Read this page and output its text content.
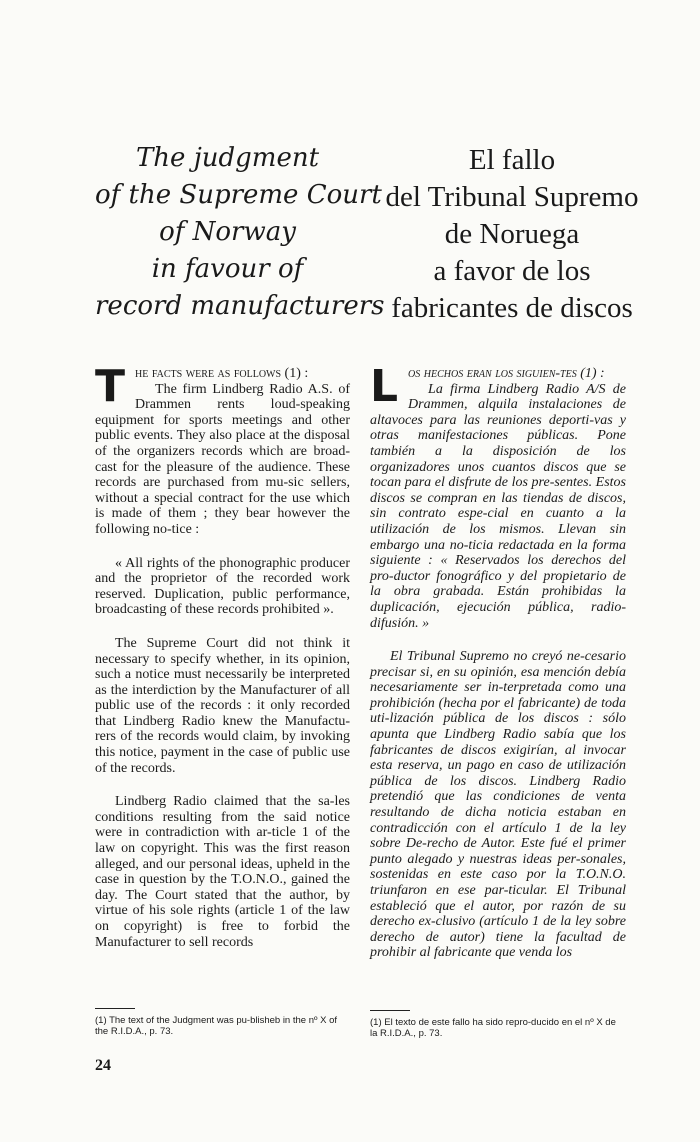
The judgment
of the Supreme Court
of Norway
in favour of
record manufacturers
El fallo
del Tribunal Supremo
de Noruega
a favor de los
fabricantes de discos

T he facts were as follows (1) :

The firm Lindberg Radio A.S. of Drammen rents loud-speaking equipment for sports meetings and other public events. They also place at the disposal of the organizers records which are broad-cast for the pleasure of the audience. These records are purchased from mu-sic sellers, without a special contract for the use which is made of them ; they bear however the following no-tice :

« All rights of the phonographic producer and the proprietor of the recorded work reserved. Duplication, public performance, broadcasting of these records prohibited ».

The Supreme Court did not think it necessary to specify whether, in its opinion, such a notice must necessarily be interpreted as the interdiction by the Manufacturer of all public use of the records : it only recorded that Lindberg Radio knew the Manufactu-rers of the records would claim, by invoking this notice, payment in the case of public use of the records.

Lindberg Radio claimed that the sa-les conditions resulting from the said notice were in contradiction with ar-ticle 1 of the law on copyright. This was the first reason alleged, and our personal ideas, upheld in the case in question by the T.O.N.O., gained the day. The Court stated that the author, by virtue of his sole rights (article 1 of the law on copyright) is free to forbid the Manufacturer to sell records

L os hechos eran los siguien-tes (1) :

La firma Lindberg Radio A/S de Drammen, alquila instalaciones de altavoces para las reuniones deporti-vas y otras manifestaciones públicas. Pone también a la disposición de los organizadores unos cuantos discos que se tocan para el disfrute de los pre-sentes. Estos discos se compran en las tiendas de discos, sin contrato espe-cial en cuanto a la utilización de los mismos. Llevan sin embargo una no-ticia redactada en la forma siguiente : « Reservados los derechos del pro-ductor fonográfico y del propietario de la obra grabada. Están prohibidas la duplicación, ejecución pública, radio-difusión. »

El Tribunal Supremo no creyó ne-cesario precisar si, en su opinión, esa mención debía necesariamente ser in-terpretada como una prohibición (hecha por el fabricante) de toda uti-lización pública de los discos : sólo apunta que Lindberg Radio sabía que los fabricantes de discos exigirían, al invocar esta reserva, un pago en caso de utilización pública de los discos. Lindberg Radio pretendió que las condiciones de venta resultando de dicha noticia estaban en contradicción con el artículo 1 de la ley sobre De-recho de Autor. Este fué el primer punto alegado y nuestras ideas per-sonales, sostenidas en este caso por la T.O.N.O. triunfaron en ese par-ticular. El Tribunal estableció que el autor, por razón de su derecho ex-clusivo (artículo 1 de la ley sobre derecho de autor) tiene la facultad de prohibir al fabricante que venda los

(1) The text of the Judgment was pu-blisheb in the nº X of the R.I.D.A., p. 73.
(1) El texto de este fallo ha sido repro-ducido en el nº X de la R.I.D.A., p. 73.
24
